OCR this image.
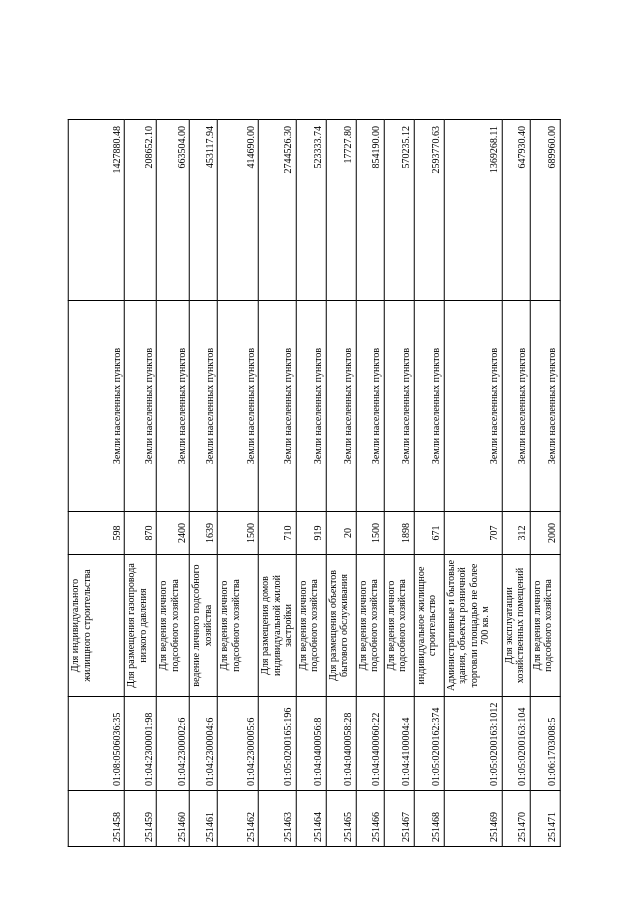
251458	01:08:0506036:35	Для индивидуального жилищного строительства	598	Земли населенных пунктов	1427880.48
251459	01:04:2300001:98	Для размещения газопровода низкого давления	870	Земли населенных пунктов	208652.10
251460	01:04:2300002:6	Для ведения личного подсобного хозяйства	2400	Земли населенных пунктов	663504.00
251461	01:04:2300004:6	ведение личного подсобного хозяйства	1639	Земли населенных пунктов	453117.94
251462	01:04:2300005:6	Для ведения личного подсобного хозяйства	1500	Земли населенных пунктов	414690.00
251463	01:05:0200165:196	Для размещения домов индивидуальной жилой застройки	710	Земли населенных пунктов	2744526.30
251464	01:04:0400056:8	Для ведения личного подсобного хозяйства	919	Земли населенных пунктов	523333.74
251465	01:04:0400058:28	Для размещения объектов бытового обслуживания	20	Земли населенных пунктов	17727.80
251466	01:04:0400060:22	Для ведения личного подсобного хозяйства	1500	Земли населенных пунктов	854190.00
251467	01:04:4100004:4	Для ведения личного подсобного хозяйства	1898	Земли населенных пунктов	570235.12
251468	01:05:0200162:374	индивидуальное жилищное строительство	671	Земли населенных пунктов	2593770.63
251469	01:05:0200163:1012	Административные и бытовые здания, объекты розничной торговли площадью не более 700 кв. м	707	Земли населенных пунктов	1369268.11
251470	01:05:0200163:104	Для эксплуатации хозяйственных помещений	312	Земли населенных пунктов	647930.40
251471	01:06:1703008:5	Для ведения личного подсобного хозяйства	2000	Земли населенных пунктов	689960.00
